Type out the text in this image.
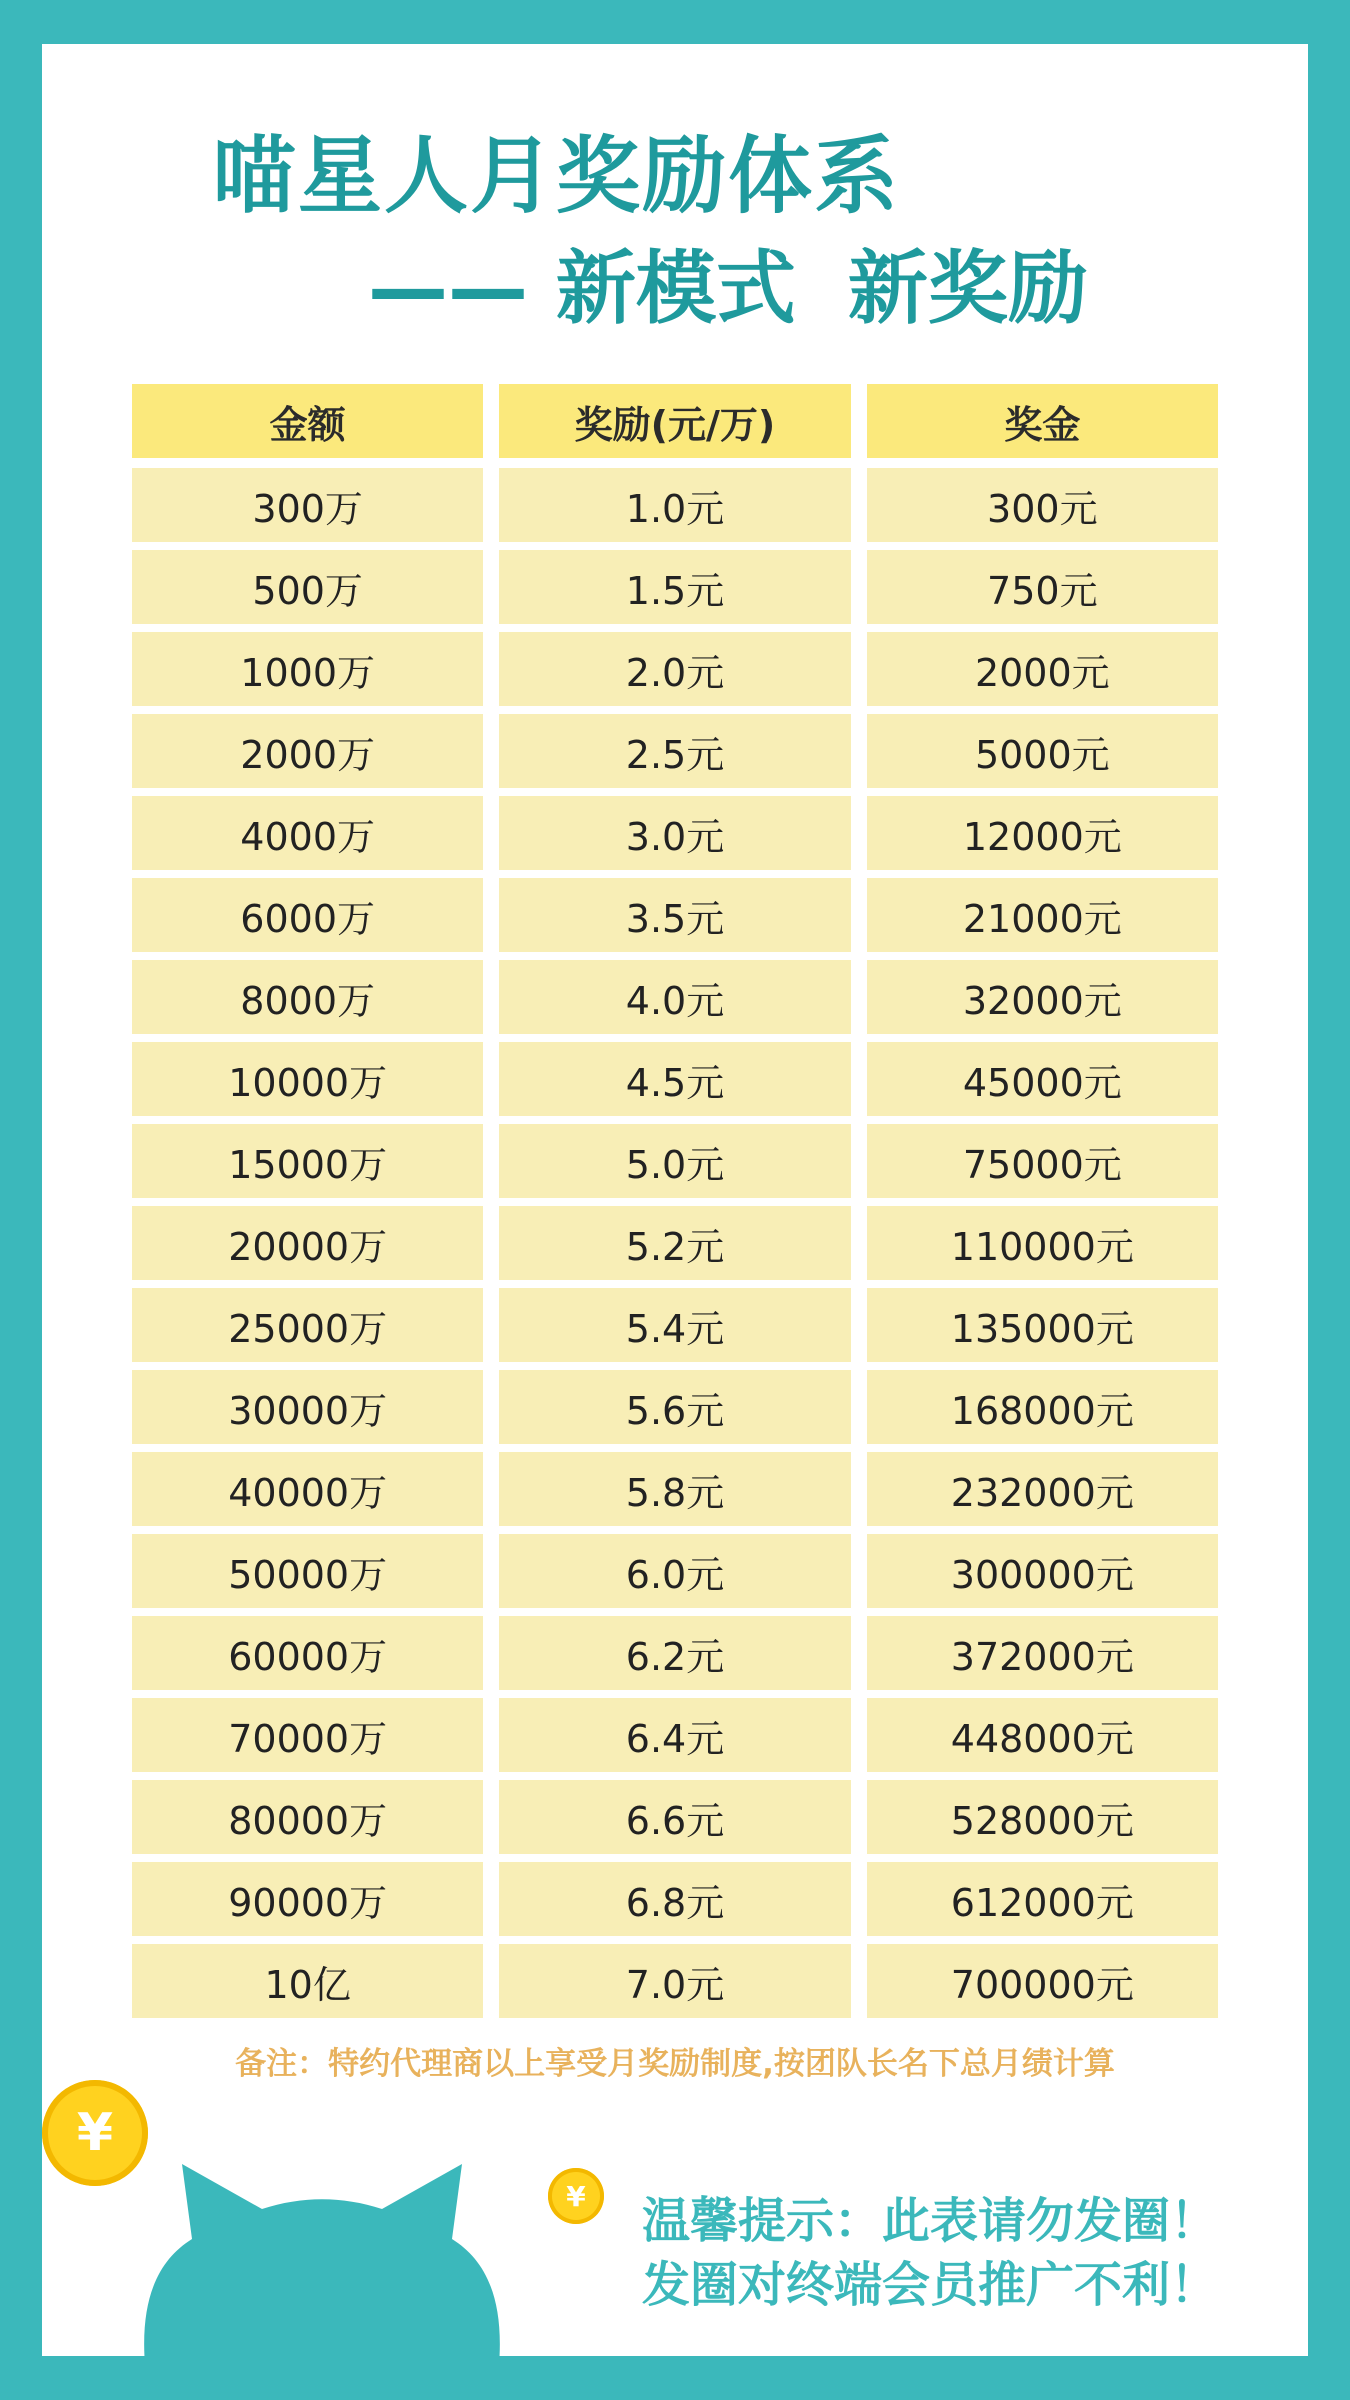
喵星人月奖励体系
—— 新模式 新奖励
金额	奖励(元/万)	奖金
300万	1.0元	300元
500万	1.5元	750元
1000万	2.0元	2000元
2000万	2.5元	5000元
4000万	3.0元	12000元
6000万	3.5元	21000元
8000万	4.0元	32000元
10000万	4.5元	45000元
15000万	5.0元	75000元
20000万	5.2元	110000元
25000万	5.4元	135000元
30000万	5.6元	168000元
40000万	5.8元	232000元
50000万	6.0元	300000元
60000万	6.2元	372000元
70000万	6.4元	448000元
80000万	6.6元	528000元
90000万	6.8元	612000元
10亿	7.0元	700000元
备注：特约代理商以上享受月奖励制度,按团队长名下总月绩计算
¥
¥	温馨提示：此表请勿发圈！
发圈对终端会员推广不利！
